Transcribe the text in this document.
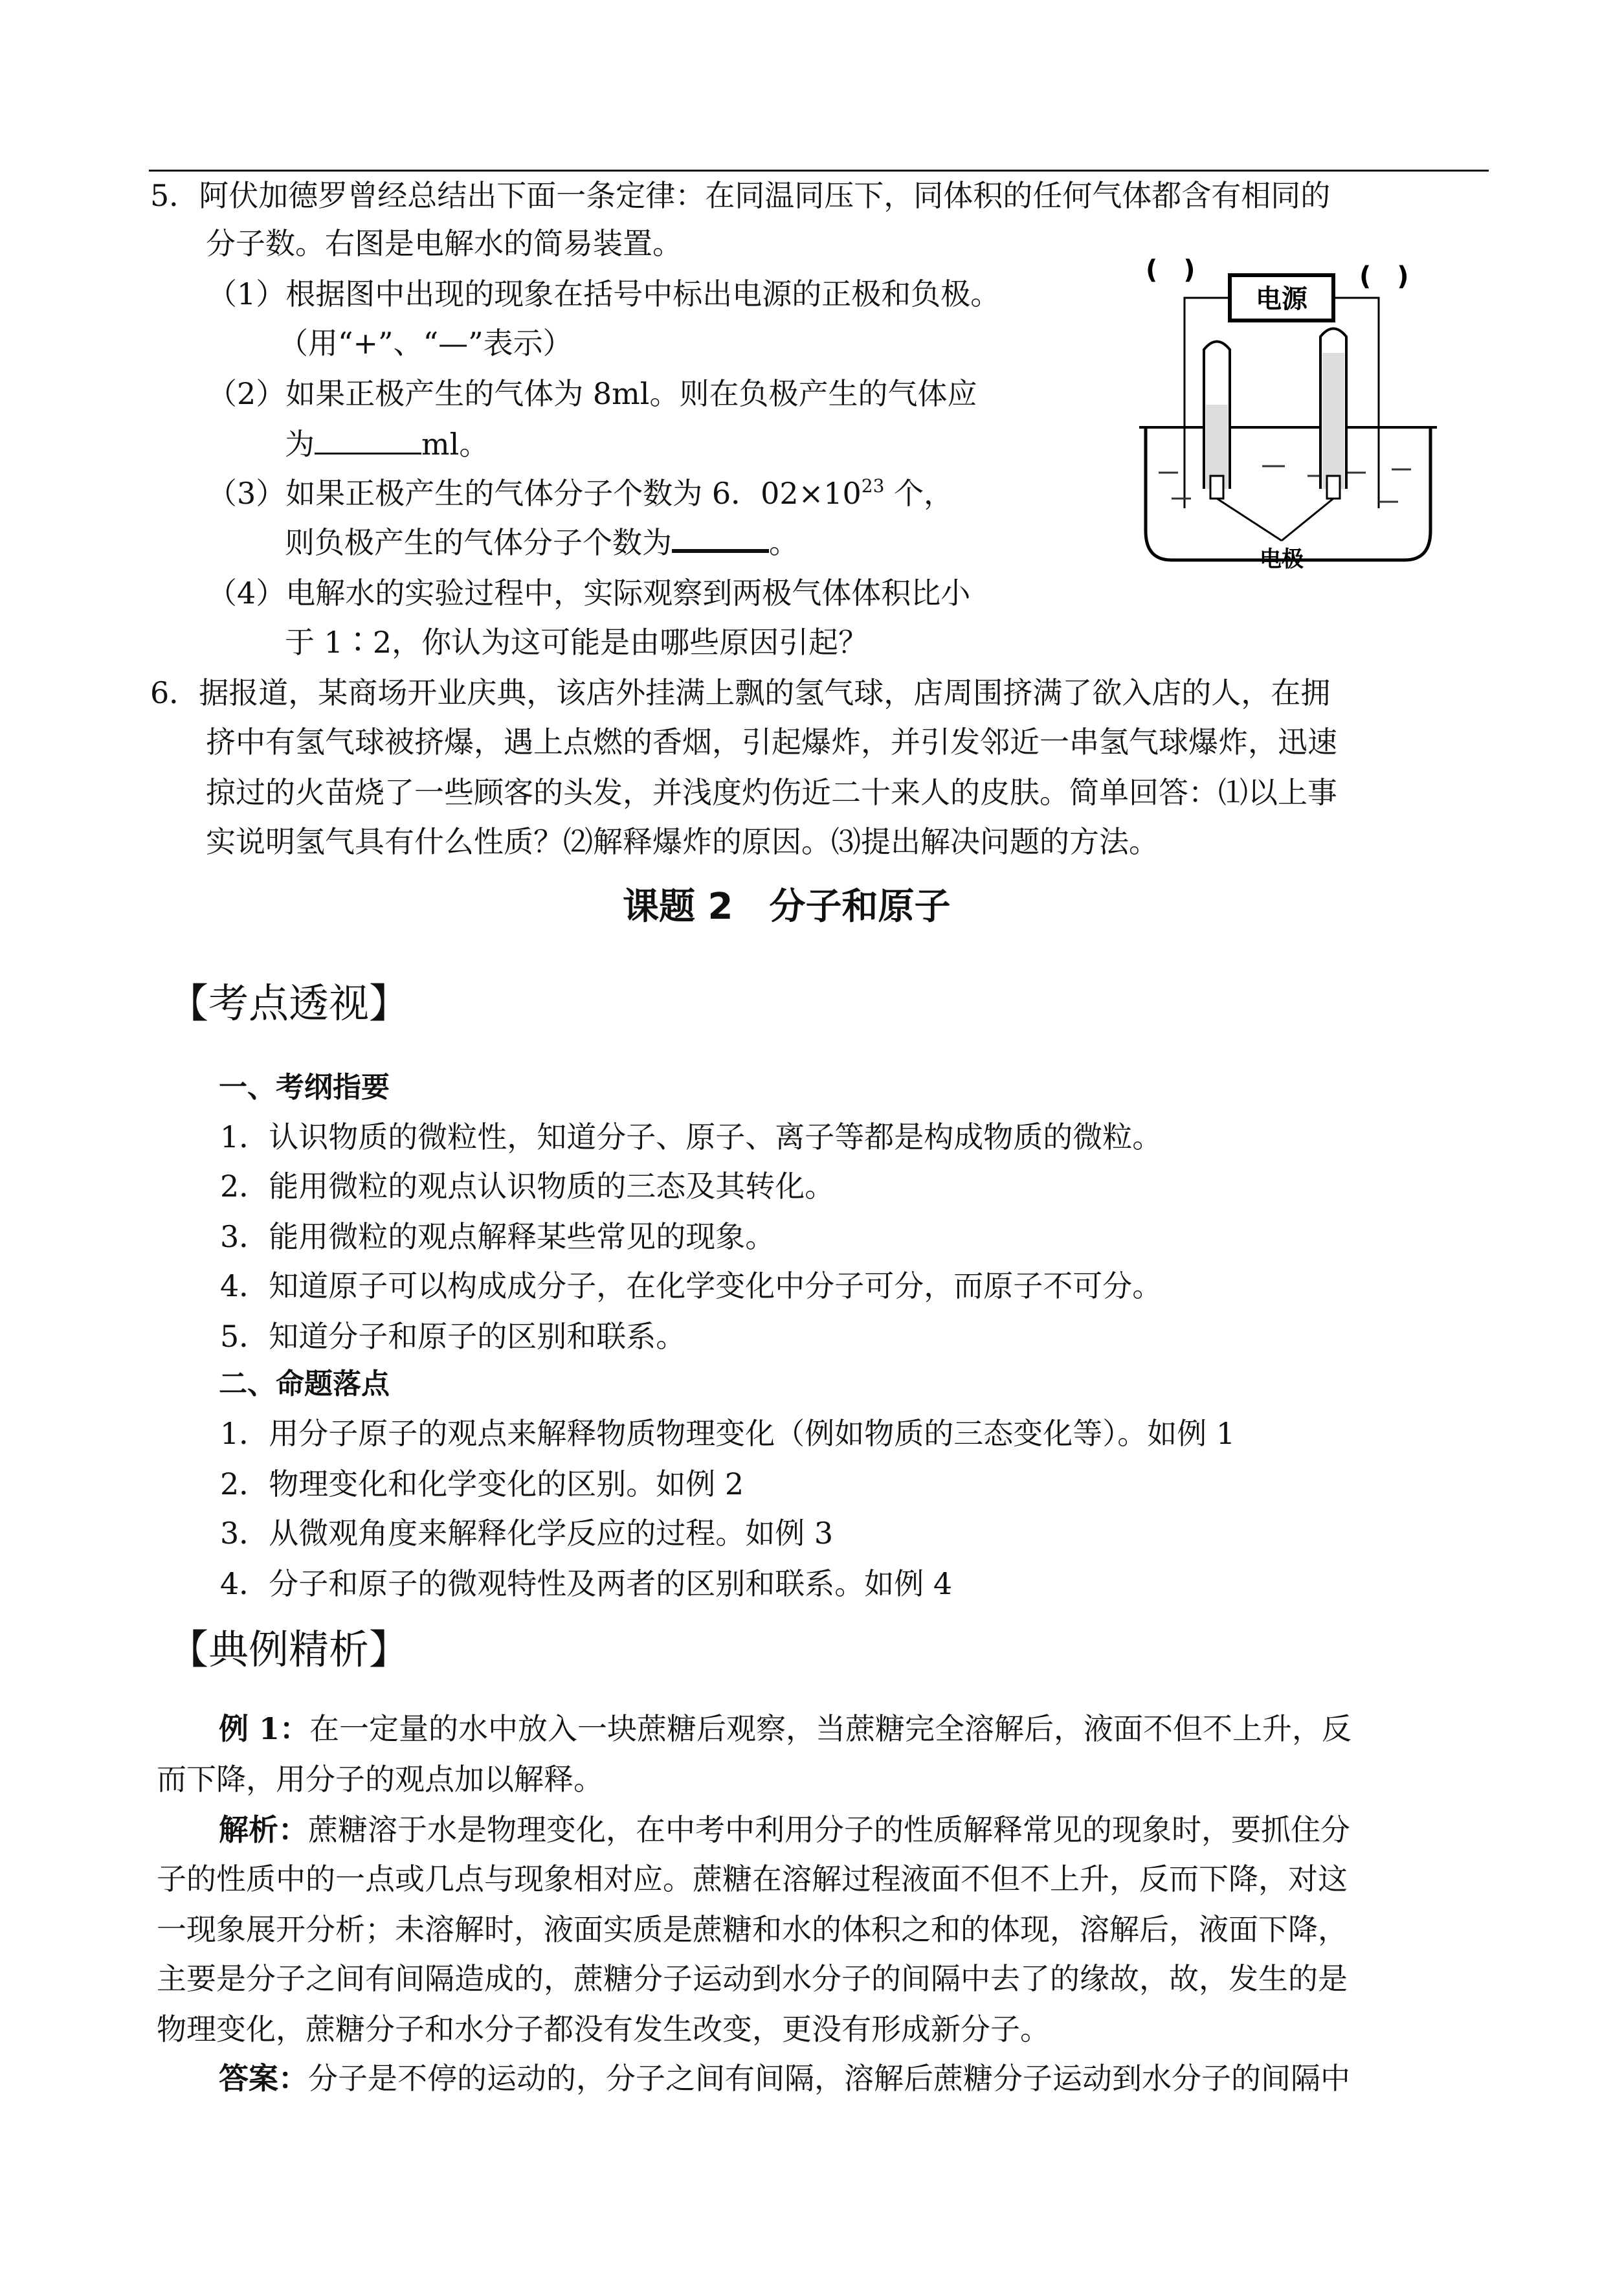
5．阿伏加德罗曾经总结出下面一条定律：在同温同压下，同体积的任何气体都含有相同的
分子数。右图是电解水的简易装置。
（1）根据图中出现的现象在括号中标出电源的正极和负极。
（用“+”、“—”表示）
（2）如果正极产生的气体为 8ml。则在负极产生的气体应
为	ml。
（3）如果正极产生的气体分子个数为 6．$02\times 10^{23}$ 个，
则负极产生的气体分子个数为	。
（4）电解水的实验过程中，实际观察到两极气体体积比小
于 1∶2，你认为这可能是由哪些原因引起？
电源
(　)	(　)
电极
6．据报道，某商场开业庆典，该店外挂满上飘的氢气球，店周围挤满了欲入店的人，在拥
挤中有氢气球被挤爆，遇上点燃的香烟，引起爆炸，并引发邻近一串氢气球爆炸，迅速
掠过的火苗烧了一些顾客的头发，并浅度灼伤近二十来人的皮肤。简单回答：⑴以上事
实说明氢气具有什么性质？⑵解释爆炸的原因。⑶提出解决问题的方法。
课题 2　分子和原子
【考点透视】
一、考纲指要
1．认识物质的微粒性，知道分子、原子、离子等都是构成物质的微粒。
2．能用微粒的观点认识物质的三态及其转化。
3．能用微粒的观点解释某些常见的现象。
4．知道原子可以构成成分子，在化学变化中分子可分，而原子不可分。
5．知道分子和原子的区别和联系。
二、命题落点
1．用分子原子的观点来解释物质物理变化（例如物质的三态变化等）。如例 1
2．物理变化和化学变化的区别。如例 2
3．从微观角度来解释化学反应的过程。如例 3
4．分子和原子的微观特性及两者的区别和联系。如例 4
【典例精析】
例 1：在一定量的水中放入一块蔗糖后观察，当蔗糖完全溶解后，液面不但不上升，反
而下降，用分子的观点加以解释。
解析：蔗糖溶于水是物理变化，在中考中利用分子的性质解释常见的现象时，要抓住分
子的性质中的一点或几点与现象相对应。蔗糖在溶解过程液面不但不上升，反而下降，对这
一现象展开分析；未溶解时，液面实质是蔗糖和水的体积之和的体现，溶解后，液面下降，
主要是分子之间有间隔造成的，蔗糖分子运动到水分子的间隔中去了的缘故，故，发生的是
物理变化，蔗糖分子和水分子都没有发生改变，更没有形成新分子。
答案：分子是不停的运动的，分子之间有间隔，溶解后蔗糖分子运动到水分子的间隔中
